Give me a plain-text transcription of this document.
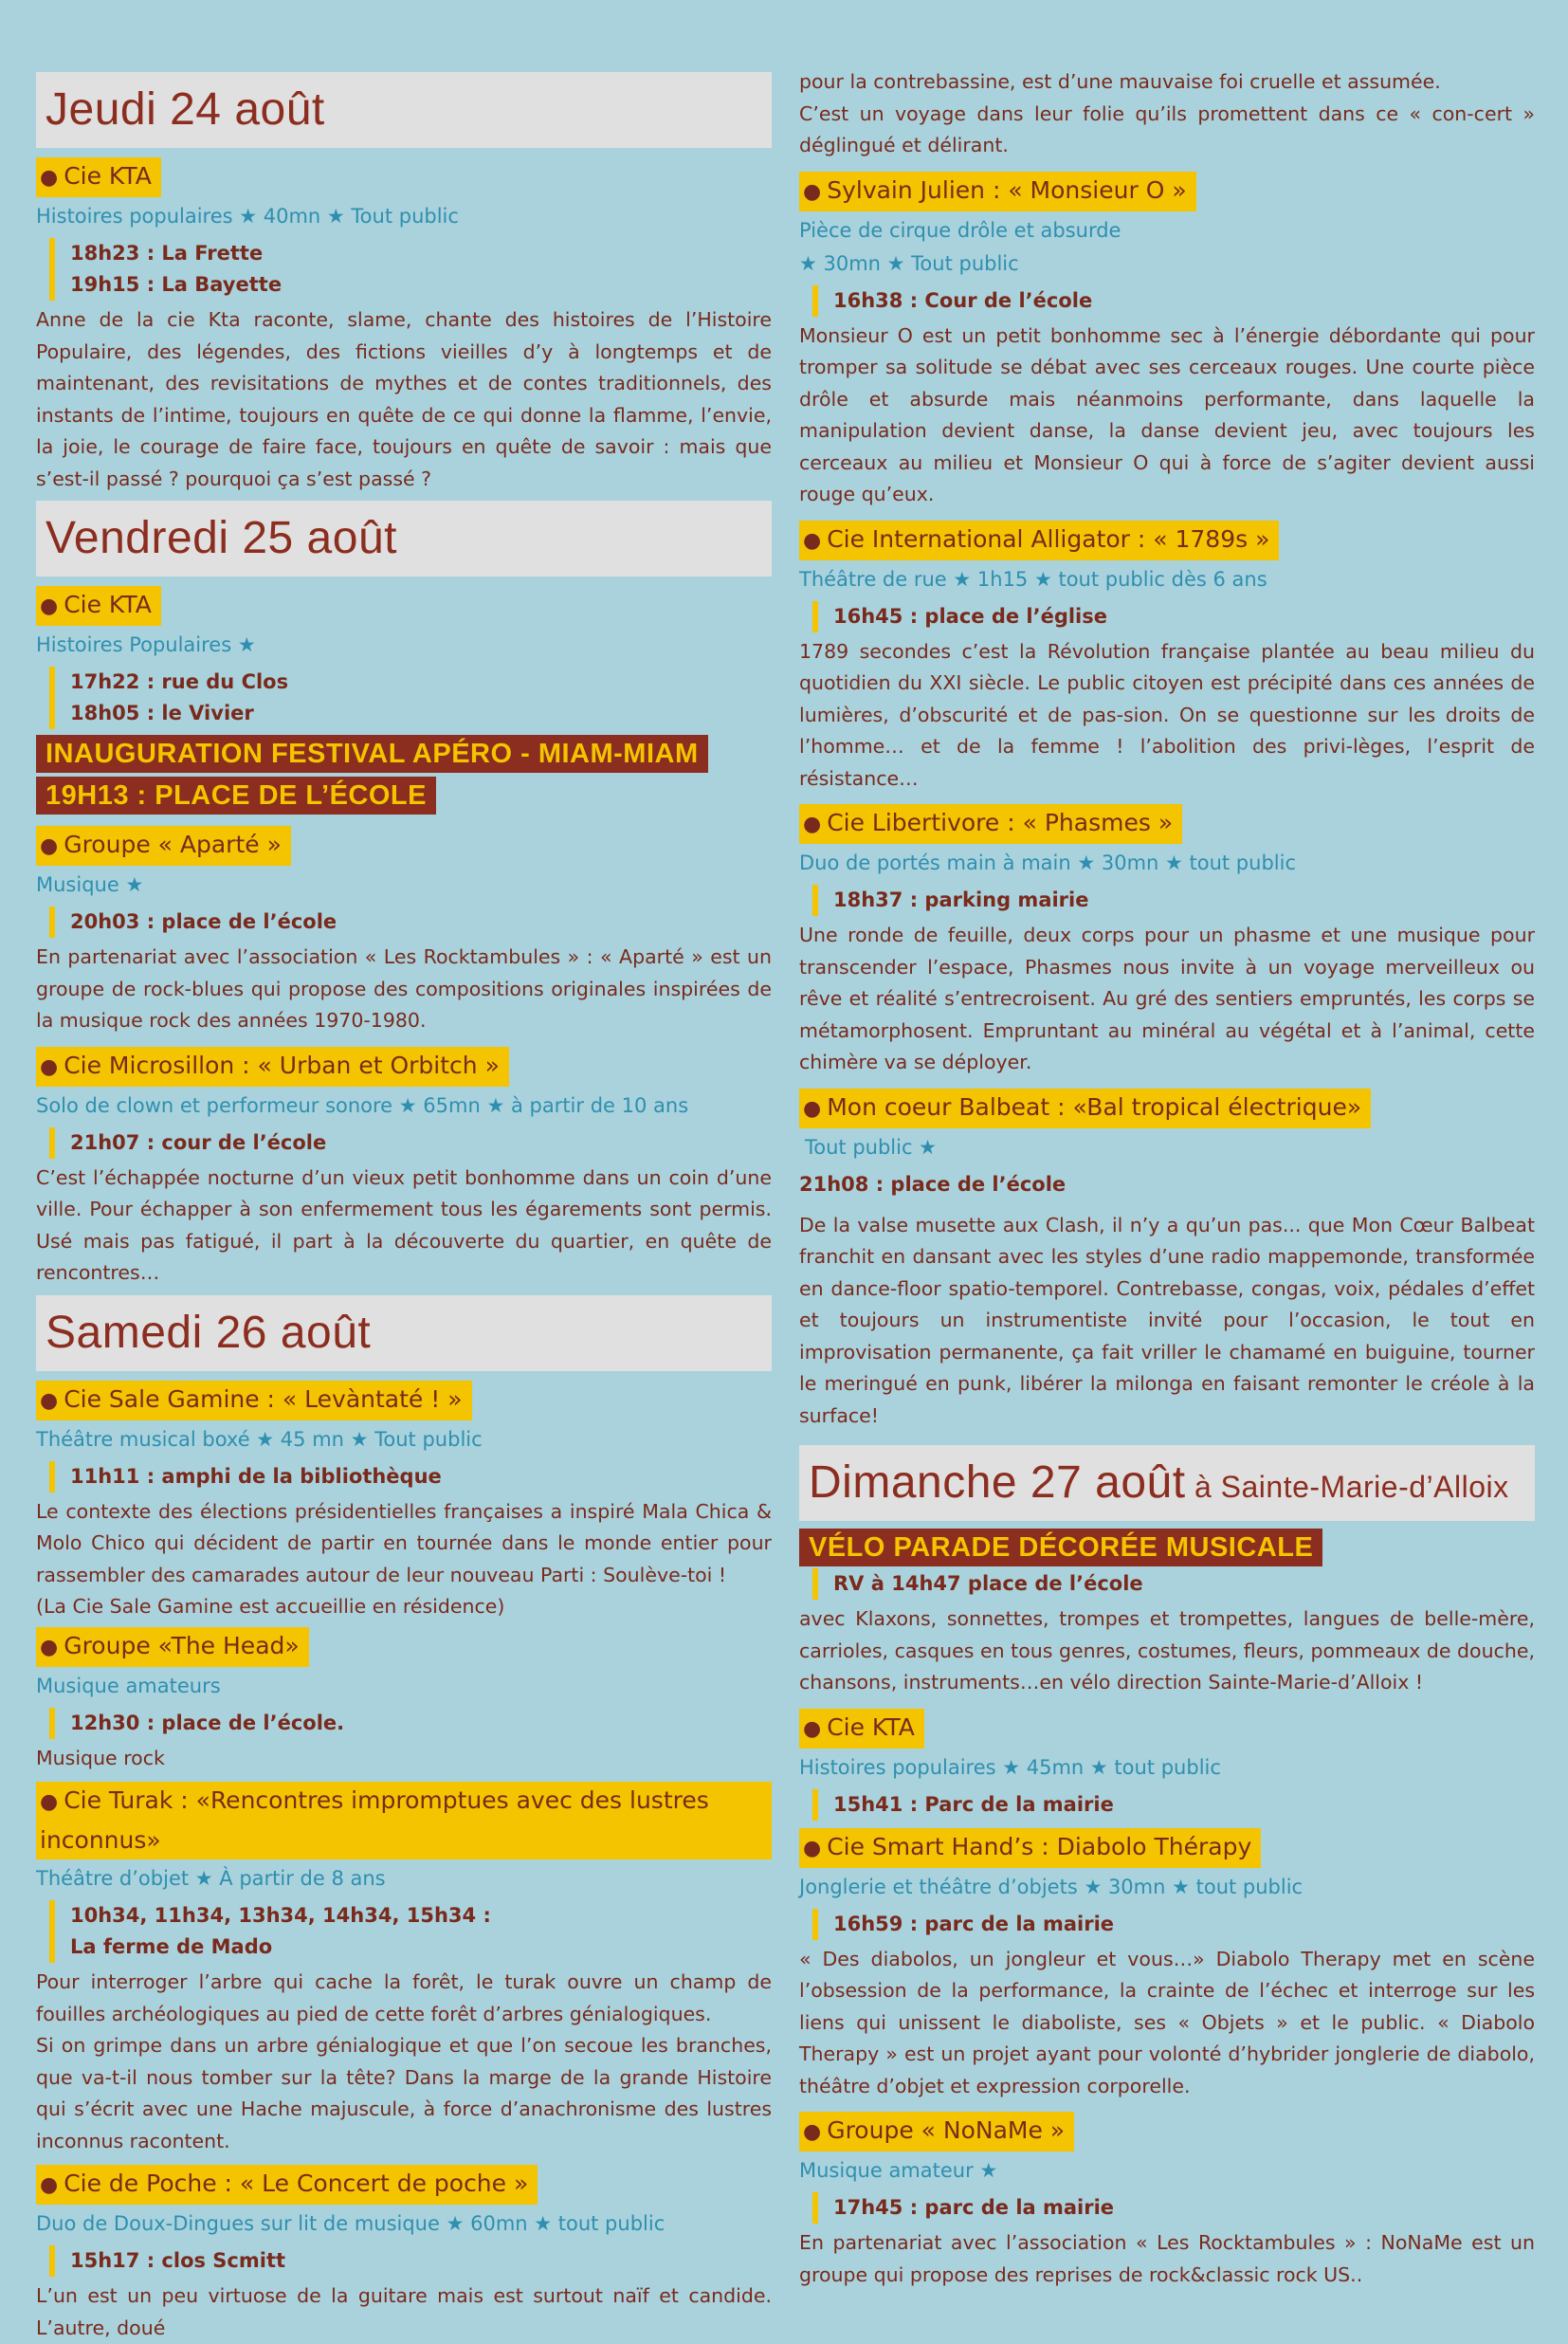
Jeudi 24 août
● Cie KTA
Histoires populaires ★ 40mn ★ Tout public
18h23 : La Frette
19h15 : La Bayette

Anne de la cie Kta raconte, slame, chante des histoires de l’Histoire Populaire, des légendes, des fictions vieilles d’y à longtemps et de maintenant, des revisitations de mythes et de contes traditionnels, des instants de l’intime, toujours en quête de ce qui donne la flamme, l’envie, la joie, le courage de faire face, toujours en quête de savoir : mais que s’est-il passé ? pourquoi ça s’est passé ?

Vendredi 25 août
● Cie KTA
Histoires Populaires ★
17h22 : rue du Clos
18h05 : le Vivier
INAUGURATION FESTIVAL APÉRO - MIAM-MIAM
19H13 : PLACE DE L’ÉCOLE
● Groupe « Aparté »
Musique ★
20h03 : place de l’école

En partenariat avec l’association « Les Rocktambules » : « Aparté » est un groupe de rock-blues qui propose des compositions originales inspirées de la musique rock des années 1970-1980.

● Cie Microsillon : « Urban et Orbitch »
Solo de clown et performeur sonore ★ 65mn ★ à partir de 10 ans
21h07 : cour de l’école

C’est l’échappée nocturne d’un vieux petit bonhomme dans un coin d’une ville. Pour échapper à son enfermement tous les égarements sont permis. Usé mais pas fatigué, il part à la découverte du quartier, en quête de rencontres…

Samedi 26 août
● Cie Sale Gamine : « Levàntaté ! »
Théâtre musical boxé ★ 45 mn ★ Tout public
11h11 : amphi de la bibliothèque

Le contexte des élections présidentielles françaises a inspiré Mala Chica & Molo Chico qui décident de partir en tournée dans le monde entier pour rassembler des camarades autour de leur nouveau Parti : Soulève-toi !

(La Cie Sale Gamine est accueillie en résidence)

● Groupe «The Head»
Musique amateurs
12h30 : place de l’école.

Musique rock

● Cie Turak : «Rencontres impromptues avec des lustres inconnus»
Théâtre d’objet ★ À partir de 8 ans
10h34, 11h34, 13h34, 14h34, 15h34 :
La ferme de Mado

Pour interroger l’arbre qui cache la forêt, le turak ouvre un champ de fouilles archéologiques au pied de cette forêt d’arbres génialogiques.

Si on grimpe dans un arbre génialogique et que l’on secoue les branches, que va-t-il nous tomber sur la tête? Dans la marge de la grande Histoire qui s’écrit avec une Hache majuscule, à force d’anachronisme des lustres inconnus racontent.

● Cie de Poche : « Le Concert de poche »
Duo de Doux-Dingues sur lit de musique ★ 60mn ★ tout public
15h17 : clos Scmitt

L’un est un peu virtuose de la guitare mais est surtout naïf et candide. L’autre, doué

pour la contrebassine, est d’une mauvaise foi cruelle et assumée.

C’est un voyage dans leur folie qu’ils promettent dans ce « con-cert » déglingué et délirant.

● Sylvain Julien : « Monsieur O »
Pièce de cirque drôle et absurde
★ 30mn ★ Tout public
16h38 : Cour de l’école

Monsieur O est un petit bonhomme sec à l’énergie débordante qui pour tromper sa solitude se débat avec ses cerceaux rouges. Une courte pièce drôle et absurde mais néanmoins performante, dans laquelle la manipulation devient danse, la danse devient jeu, avec toujours les cerceaux au milieu et Monsieur O qui à force de s’agiter devient aussi rouge qu’eux.

● Cie International Alligator : « 1789s »
Théâtre de rue ★ 1h15 ★ tout public dès 6 ans
16h45 : place de l’église

1789 secondes c’est la Révolution française plantée au beau milieu du quotidien du XXI siècle. Le public citoyen est précipité dans ces années de lumières, d’obscurité et de pas-sion. On se questionne sur les droits de l’homme… et de la femme ! l’abolition des privi-lèges, l’esprit de résistance…

● Cie Libertivore : « Phasmes »
Duo de portés main à main ★ 30mn ★ tout public
18h37 : parking mairie

Une ronde de feuille, deux corps pour un phasme et une musique pour transcender l’espace, Phasmes nous invite à un voyage merveilleux ou rêve et réalité s’entrecroisent. Au gré des sentiers empruntés, les corps se métamorphosent. Empruntant au minéral au végétal et à l’animal, cette chimère va se déployer.

● Mon coeur Balbeat : «Bal tropical électrique»
Tout public ★
21h08 : place de l’école

De la valse musette aux Clash, il n’y a qu’un pas... que Mon Cœur Balbeat franchit en dansant avec les styles d’une radio mappemonde, transformée en dance-floor spatio-temporel. Contrebasse, congas, voix, pédales d’effet et toujours un instrumentiste invité pour l’occasion, le tout en improvisation permanente, ça fait vriller le chamamé en buiguine, tourner le meringué en punk, libérer la milonga en faisant remonter le créole à la surface!

Dimanche 27 août à Sainte-Marie-d’Alloix
VÉLO PARADE DÉCORÉE MUSICALE
RV à 14h47 place de l’école

avec Klaxons, sonnettes, trompes et trompettes, langues de belle-mère, carrioles, casques en tous genres, costumes, fleurs, pommeaux de douche, chansons, instruments…en vélo direction Sainte-Marie-d’Alloix !

● Cie KTA
Histoires populaires ★ 45mn ★ tout public
15h41 : Parc de la mairie
● Cie Smart Hand’s : Diabolo Thérapy
Jonglerie et théâtre d’objets ★ 30mn ★ tout public
16h59 : parc de la mairie

« Des diabolos, un jongleur et vous…» Diabolo Therapy met en scène l’obsession de la performance, la crainte de l’échec et interroge sur les liens qui unissent le diaboliste, ses « Objets » et le public. « Diabolo Therapy » est un projet ayant pour volonté d’hybrider jonglerie de diabolo, théâtre d’objet et expression corporelle.

● Groupe « NoNaMe »
Musique amateur ★
17h45 : parc de la mairie

En partenariat avec l’association « Les Rocktambules » : NoNaMe est un groupe qui propose des reprises de rock&classic rock US..
